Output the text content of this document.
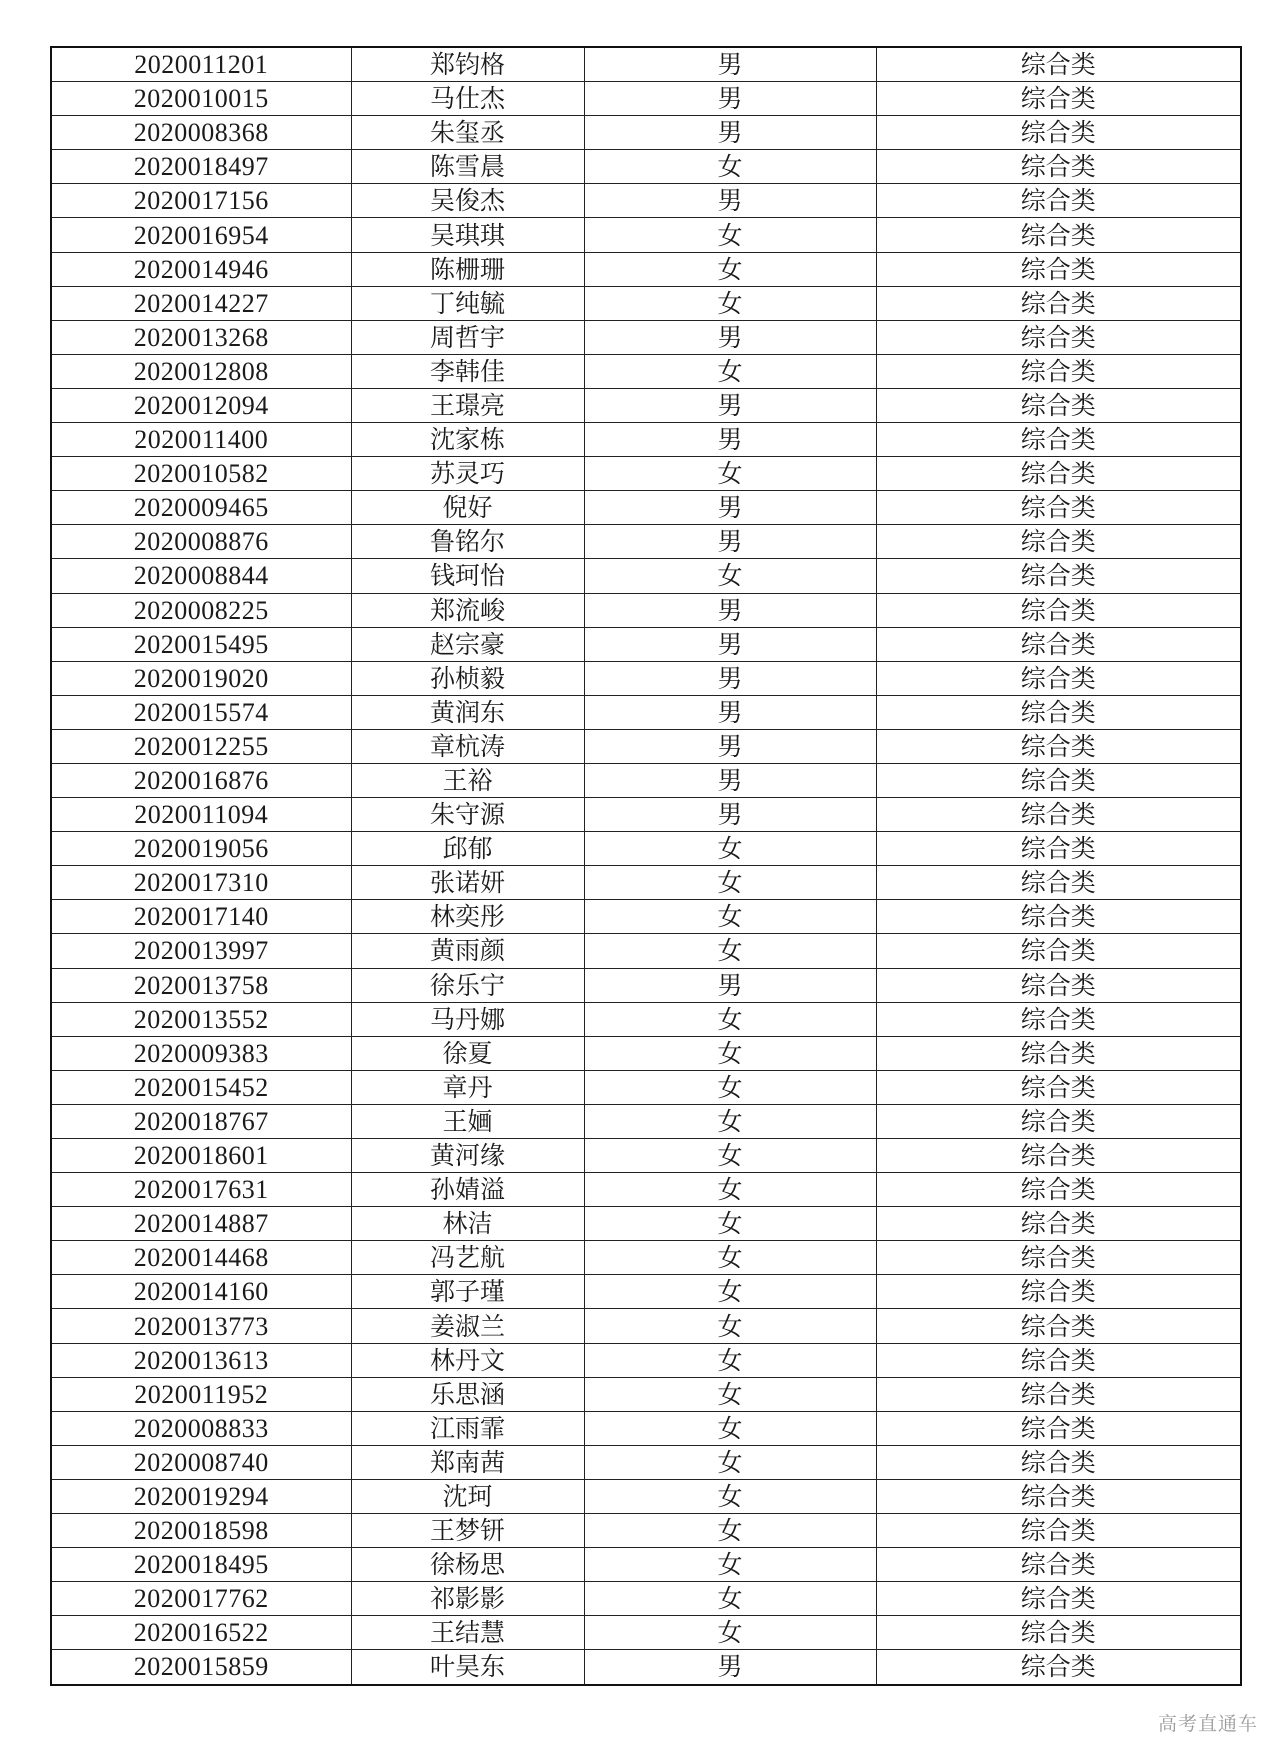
2020011201	郑钧格	男	综合类
2020010015	马仕杰	男	综合类
2020008368	朱玺丞	男	综合类
2020018497	陈雪晨	女	综合类
2020017156	吴俊杰	男	综合类
2020016954	吴琪琪	女	综合类
2020014946	陈栅珊	女	综合类
2020014227	丁纯毓	女	综合类
2020013268	周哲宇	男	综合类
2020012808	李韩佳	女	综合类
2020012094	王璟亮	男	综合类
2020011400	沈家栋	男	综合类
2020010582	苏灵巧	女	综合类
2020009465	倪好	男	综合类
2020008876	鲁铭尔	男	综合类
2020008844	钱珂怡	女	综合类
2020008225	郑流峻	男	综合类
2020015495	赵宗豪	男	综合类
2020019020	孙桢毅	男	综合类
2020015574	黄润东	男	综合类
2020012255	章杭涛	男	综合类
2020016876	王裕	男	综合类
2020011094	朱守源	男	综合类
2020019056	邱郁	女	综合类
2020017310	张诺妍	女	综合类
2020017140	林奕彤	女	综合类
2020013997	黄雨颜	女	综合类
2020013758	徐乐宁	男	综合类
2020013552	马丹娜	女	综合类
2020009383	徐夏	女	综合类
2020015452	章丹	女	综合类
2020018767	王婳	女	综合类
2020018601	黄河缘	女	综合类
2020017631	孙婧溢	女	综合类
2020014887	林洁	女	综合类
2020014468	冯艺航	女	综合类
2020014160	郭子瑾	女	综合类
2020013773	姜淑兰	女	综合类
2020013613	林丹文	女	综合类
2020011952	乐思涵	女	综合类
2020008833	江雨霏	女	综合类
2020008740	郑南茜	女	综合类
2020019294	沈珂	女	综合类
2020018598	王梦钘	女	综合类
2020018495	徐杨思	女	综合类
2020017762	祁影影	女	综合类
2020016522	王结慧	女	综合类
2020015859	叶昊东	男	综合类
高考直通车
